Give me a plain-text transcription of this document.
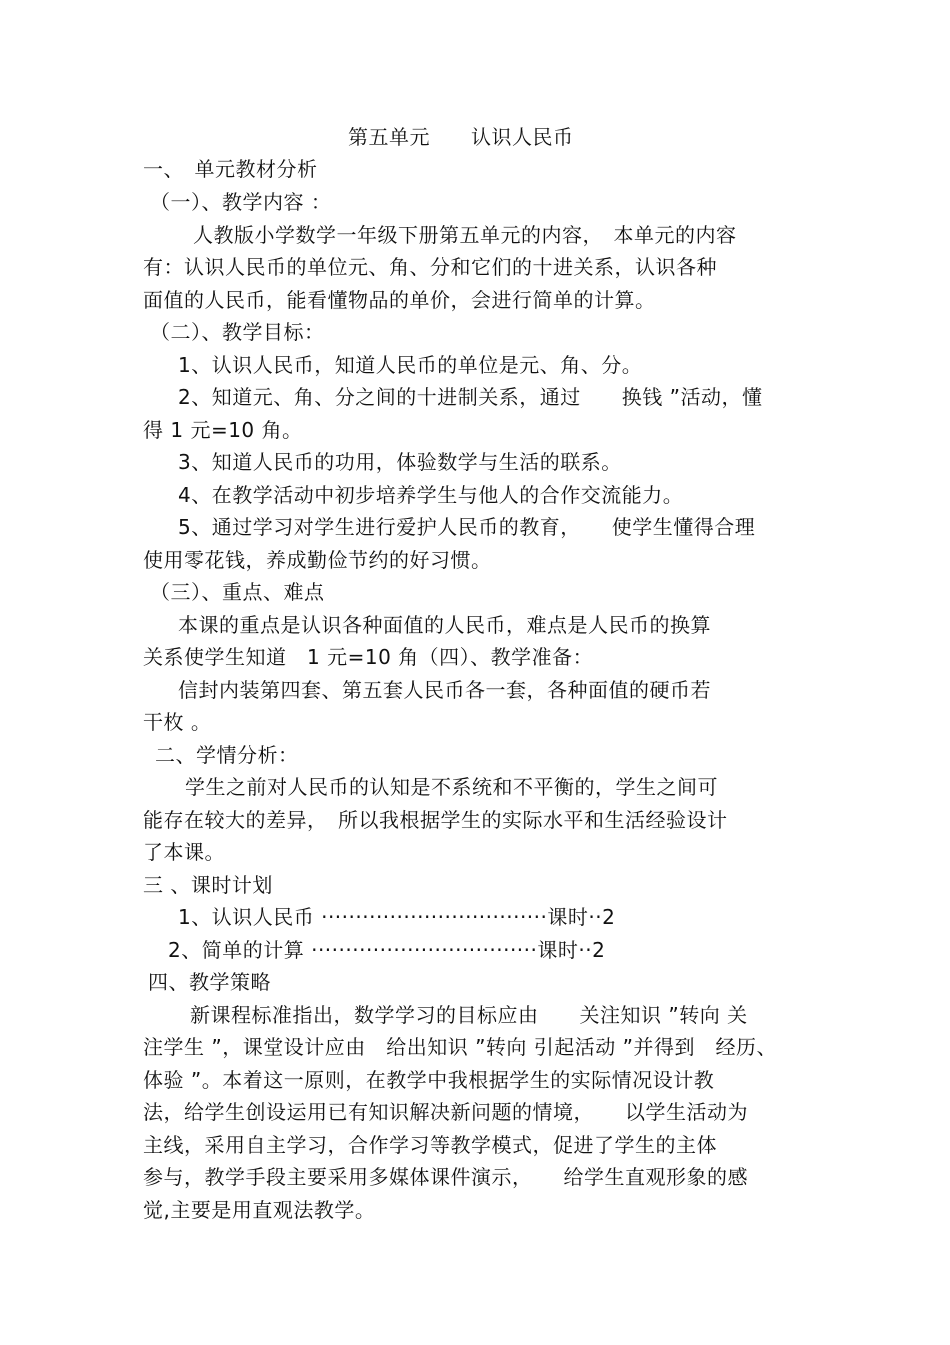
第五单元　　认识人民币
一、　单元教材分析
（一）、教学内容 ：
人教版小学数学一年级下册第五单元的内容，　本单元的内容
有：认识人民币的单位元、角、分和它们的十进关系，认识各种
面值的人民币，能看懂物品的单价，会进行简单的计算。
（二）、教学目标：
1、认识人民币，知道人民币的单位是元、角、分。
2、知道元、角、分之间的十进制关系，通过　　换钱 ”活动，懂
得 1 元=10 角。
3、知道人民币的功用，体验数学与生活的联系。
4、在教学活动中初步培养学生与他人的合作交流能力。
5、通过学习对学生进行爱护人民币的教育，　　使学生懂得合理
使用零花钱，养成勤俭节约的好习惯。
（三）、重点、难点
本课的重点是认识各种面值的人民币，难点是人民币的换算
关系使学生知道　1 元=10 角（四）、教学准备：
信封内装第四套、第五套人民币各一套，各种面值的硬币若
干枚 。
二、学情分析：
学生之前对人民币的认知是不系统和不平衡的，学生之间可
能存在较大的差异，　所以我根据学生的实际水平和生活经验设计
了本课。
三 、课时计划
1、认识人民币 ·································课时··2
2、简单的计算 ·································课时··2
四、教学策略
新课程标准指出，数学学习的目标应由　　关注知识 ”转向 关
注学生 ”，课堂设计应由　给出知识 ”转向 引起活动 ”并得到　经历、
体验 ”。本着这一原则，在教学中我根据学生的实际情况设计教
法，给学生创设运用已有知识解决新问题的情境，　　以学生活动为
主线，采用自主学习，合作学习等教学模式，促进了学生的主体
参与，教学手段主要采用多媒体课件演示，　　给学生直观形象的感
觉,主要是用直观法教学。
